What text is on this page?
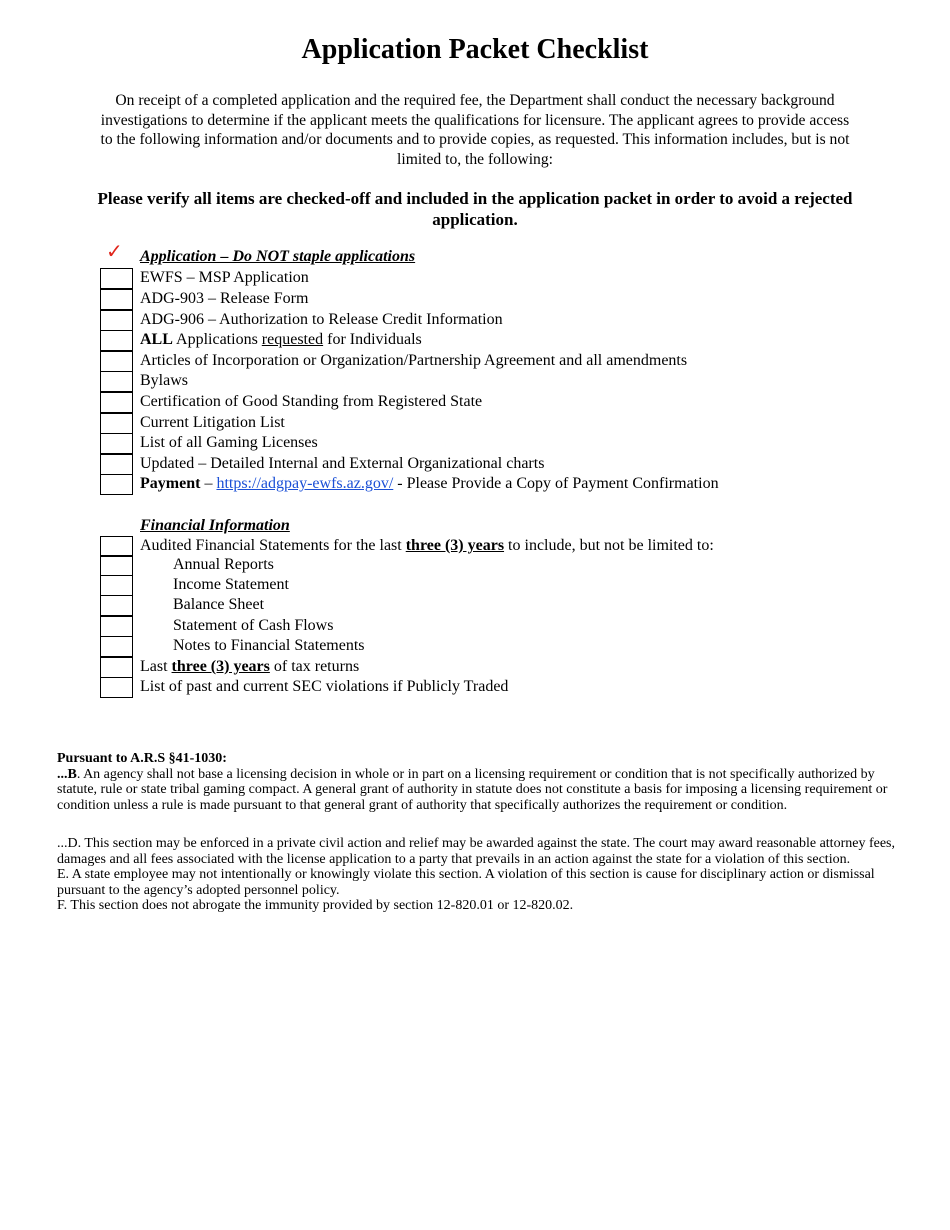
Application Packet Checklist
On receipt of a completed application and the required fee, the Department shall conduct the necessary background investigations to determine if the applicant meets the qualifications for licensure. The applicant agrees to provide access to the following information and/or documents and to provide copies, as requested. This information includes, but is not limited to, the following:
Please verify all items are checked-off and included in the application packet in order to avoid a rejected application.
✓ Application – Do NOT staple applications
EWFS – MSP Application
ADG-903 – Release Form
ADG-906 – Authorization to Release Credit Information
ALL Applications requested for Individuals
Articles of Incorporation or Organization/Partnership Agreement and all amendments
Bylaws
Certification of Good Standing from Registered State
Current Litigation List
List of all Gaming Licenses
Updated – Detailed Internal and External Organizational charts
Payment – https://adgpay-ewfs.az.gov/ - Please Provide a Copy of Payment Confirmation
Financial Information
Audited Financial Statements for the last three (3) years to include, but not be limited to:
Annual Reports
Income Statement
Balance Sheet
Statement of Cash Flows
Notes to Financial Statements
Last three (3) years of tax returns
List of past and current SEC violations if Publicly Traded

Pursuant to A.R.S §41-1030:

...B. An agency shall not base a licensing decision in whole or in part on a licensing requirement or condition that is not specifically authorized by statute, rule or state tribal gaming compact. A general grant of authority in statute does not constitute a basis for imposing a licensing requirement or condition unless a rule is made pursuant to that general grant of authority that specifically authorizes the requirement or condition.

...D. This section may be enforced in a private civil action and relief may be awarded against the state. The court may award reasonable attorney fees, damages and all fees associated with the license application to a party that prevails in an action against the state for a violation of this section.

E. A state employee may not intentionally or knowingly violate this section. A violation of this section is cause for disciplinary action or dismissal pursuant to the agency’s adopted personnel policy.

F. This section does not abrogate the immunity provided by section 12-820.01 or 12-820.02.
